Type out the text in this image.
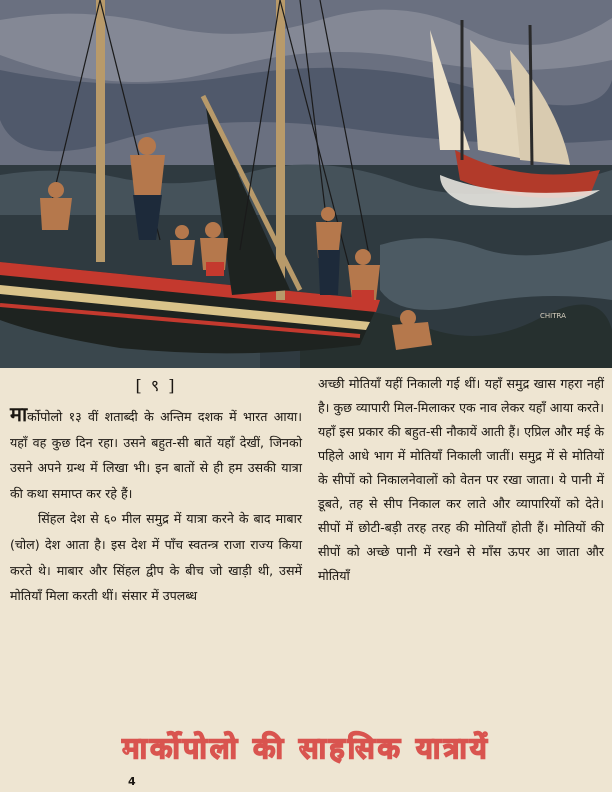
CHITRA
[ ९ ]

मार्कोपोलो १३ वीं शताब्दी के अन्तिम दशक में भारत आया। यहाँ वह कुछ दिन रहा। उसने बहुत-सी बातें यहाँ देखीं, जिनको उसने अपने ग्रन्थ में लिखा भी। इन बातों से ही हम उसकी यात्रा की कथा समाप्त कर रहे हैं।

सिंहल देश से ६० मील समुद्र में यात्रा करने के बाद माबार (चोल) देश आता है। इस देश में पाँच स्वतन्त्र राजा राज्य किया करते थे। माबार और सिंहल द्वीप के बीच जो खाड़ी थी, उसमें मोतियाँ मिला करती थीं। संसार में उपलब्ध

अच्छी मोतियाँ यहीं निकाली गई थीं। यहाँ समुद्र खास गहरा नहीं है। कुछ व्यापारी मिल-मिलाकर एक नाव लेकर यहाँ आया करते। यहाँ इस प्रकार की बहुत-सी नौकायें आती हैं। एप्रिल और मई के पहिले आधे भाग में मोतियाँ निकाली जातीं। समुद्र में से मोतियों के सीपों को निकालनेवालों को वेतन पर रखा जाता। ये पानी में डूबते, तह से सीप निकाल कर लाते और व्यापारियों को देते। सीपों में छोटी-बड़ी तरह तरह की मोतियाँ होती हैं। मोतियों की सीपों को अच्छे पानी में रखने से माँस ऊपर आ जाता और मोतियाँ

मार्कोपोलो की साहसिक यात्रायें
4
